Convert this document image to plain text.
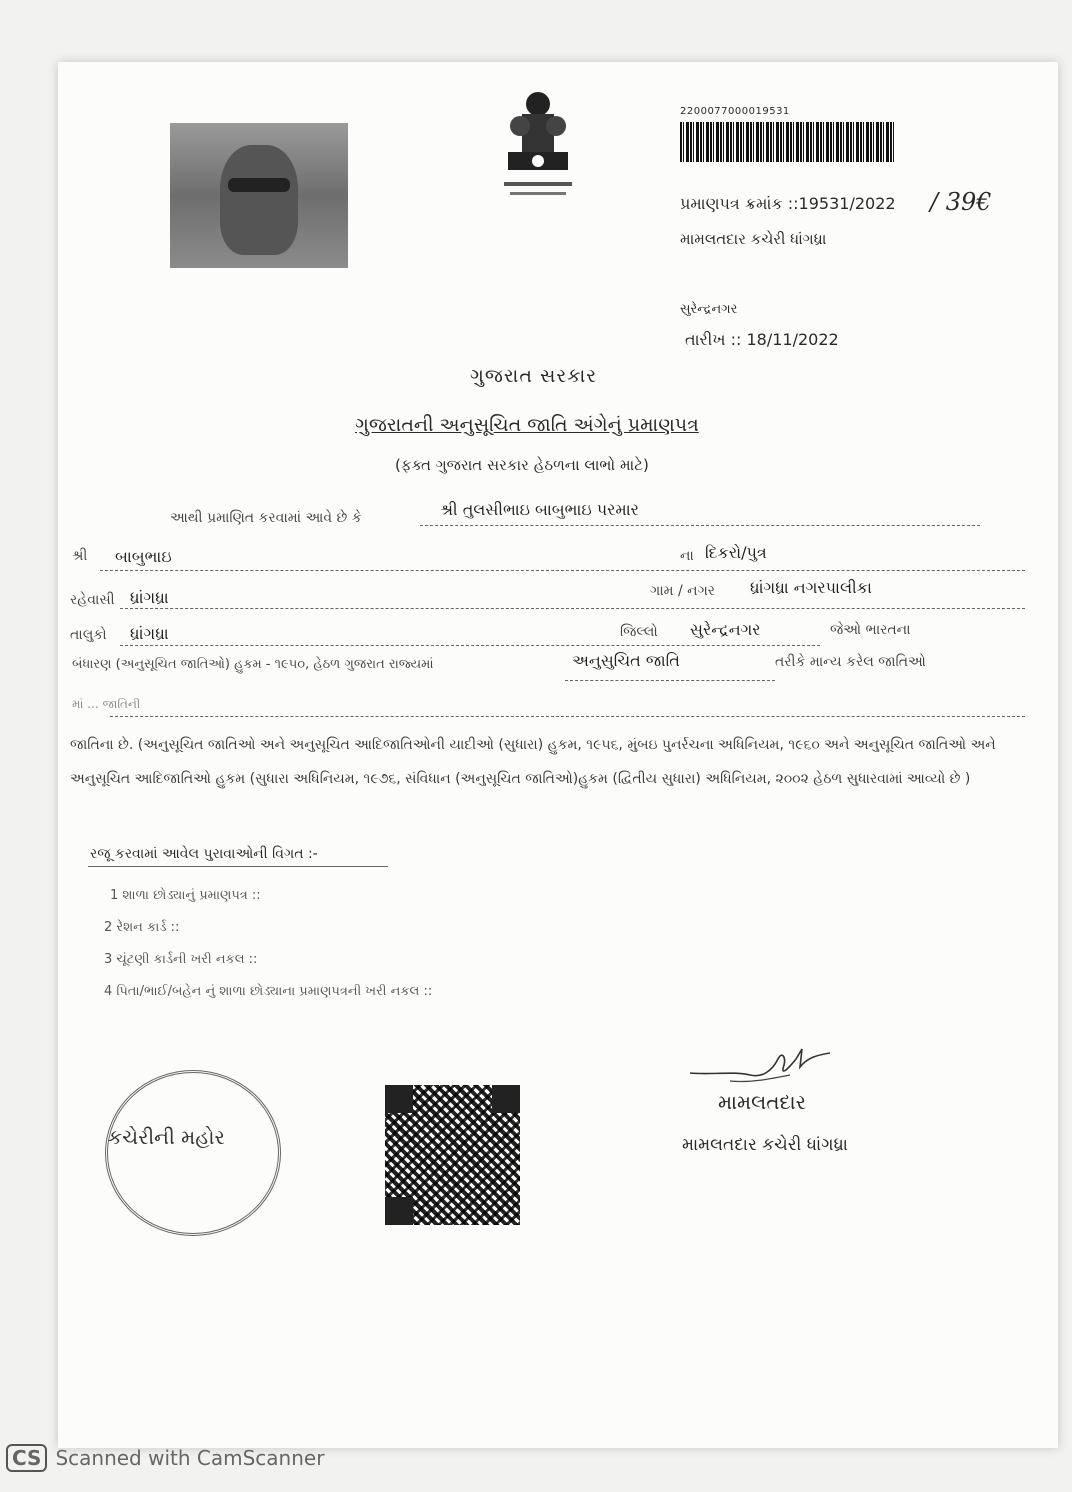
2200077000019531
પ્રમાણપત્ર ક્રમાંક ::19531/2022 / 39€
મામલતદાર કચેરી ધાંગધ્રા
સુરેન્દ્રનગર
તારીખ :: 18/11/2022
ગુજરાત સરકાર
ગુજરાતની અનુસૂચિત જાતિ અંગેનું પ્રમાણપત્ર
(ફક્ત ગુજરાત સરકાર હેઠળના લાભો માટે)
આથી પ્રમાણિત કરવામાં આવે છે કે	શ્રી તુલસીભાઇ બાબુભાઇ પરમાર
શ્રી બાબુભાઇ	ના દિકરો/પુત્ર
રહેવાસી ધ્રાંગધ્રા	ગામ / નગર ધ્રાંગધ્રા નગરપાલીકા
તાલુકો ધ્રાંગધ્રા	જિલ્લો સુરેન્દ્રનગર	જેઓ ભારતના
બંધારણ (અનુસૂચિત જાતિઓ) હુકમ - ૧૯૫૦, હેઠળ ગુજરાત રાજ્યમાં	અનુસુચિત જાતિ	તરીકે માન્ય કરેલ જાતિઓ
માં ... જાતિની
જાતિના છે. (અનુસૂચિત જાતિઓ અને અનુસૂચિત આદિજાતિઓની યાદીઓ (સુધારા) હુકમ, ૧૯૫૬, મુંબઇ પુનર્રચના અધિનિયમ, ૧૯૬૦ અને અનુસૂચિત જાતિઓ અને અનુસૂચિત આદિજાતિઓ હુકમ (સુધારા અધિનિયમ, ૧૯૭૬, સંવિધાન (અનુસૂચિત જાતિઓ)હુકમ (દ્વિતીય સુધારા) અધિનિયમ, ૨૦૦૨ હેઠળ સુધારવામાં આવ્યો છે )
રજૂ કરવામાં આવેલ પુરાવાઓની વિગત :-
1 શાળા છોડ્યાનું પ્રમાણપત્ર ::
2 રેશન કાર્ડ ::
3 ચૂંટણી કાર્ડની ખરી નકલ ::
4 પિતા/ભાઈ/બહેન નું શાળા છોડ્યાના પ્રમાણપત્રની ખરી નકલ ::
કચેરીની મહોર
મામલતદાર
મામલતદાર કચેરી ધાંગધ્રા
CS Scanned with CamScanner
